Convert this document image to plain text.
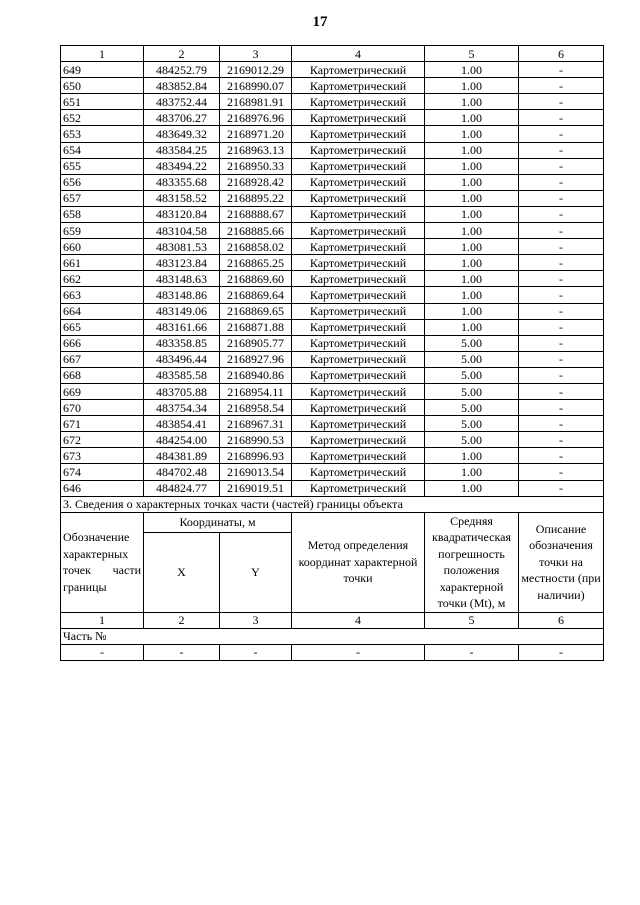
17
1	2	3	4	5	6
649	484252.79	2169012.29	Картометрический	1.00	-
650	483852.84	2168990.07	Картометрический	1.00	-
651	483752.44	2168981.91	Картометрический	1.00	-
652	483706.27	2168976.96	Картометрический	1.00	-
653	483649.32	2168971.20	Картометрический	1.00	-
654	483584.25	2168963.13	Картометрический	1.00	-
655	483494.22	2168950.33	Картометрический	1.00	-
656	483355.68	2168928.42	Картометрический	1.00	-
657	483158.52	2168895.22	Картометрический	1.00	-
658	483120.84	2168888.67	Картометрический	1.00	-
659	483104.58	2168885.66	Картометрический	1.00	-
660	483081.53	2168858.02	Картометрический	1.00	-
661	483123.84	2168865.25	Картометрический	1.00	-
662	483148.63	2168869.60	Картометрический	1.00	-
663	483148.86	2168869.64	Картометрический	1.00	-
664	483149.06	2168869.65	Картометрический	1.00	-
665	483161.66	2168871.88	Картометрический	1.00	-
666	483358.85	2168905.77	Картометрический	5.00	-
667	483496.44	2168927.96	Картометрический	5.00	-
668	483585.58	2168940.86	Картометрический	5.00	-
669	483705.88	2168954.11	Картометрический	5.00	-
670	483754.34	2168958.54	Картометрический	5.00	-
671	483854.41	2168967.31	Картометрический	5.00	-
672	484254.00	2168990.53	Картометрический	5.00	-
673	484381.89	2168996.93	Картометрический	1.00	-
674	484702.48	2169013.54	Картометрический	1.00	-
646	484824.77	2169019.51	Картометрический	1.00	-
3. Сведения о характерных точках части (частей) границы объекта					
Обозначение характерных точек части границы	Координаты, м		Метод определения координат характерной точки	Средняя квадратическая погрешность положения характерной точки (Mt), м	Описание обозначения точки на местности (при наличии)
	X	Y			
1	2	3	4	5	6
Часть №					
-	-	-	-	-	-
